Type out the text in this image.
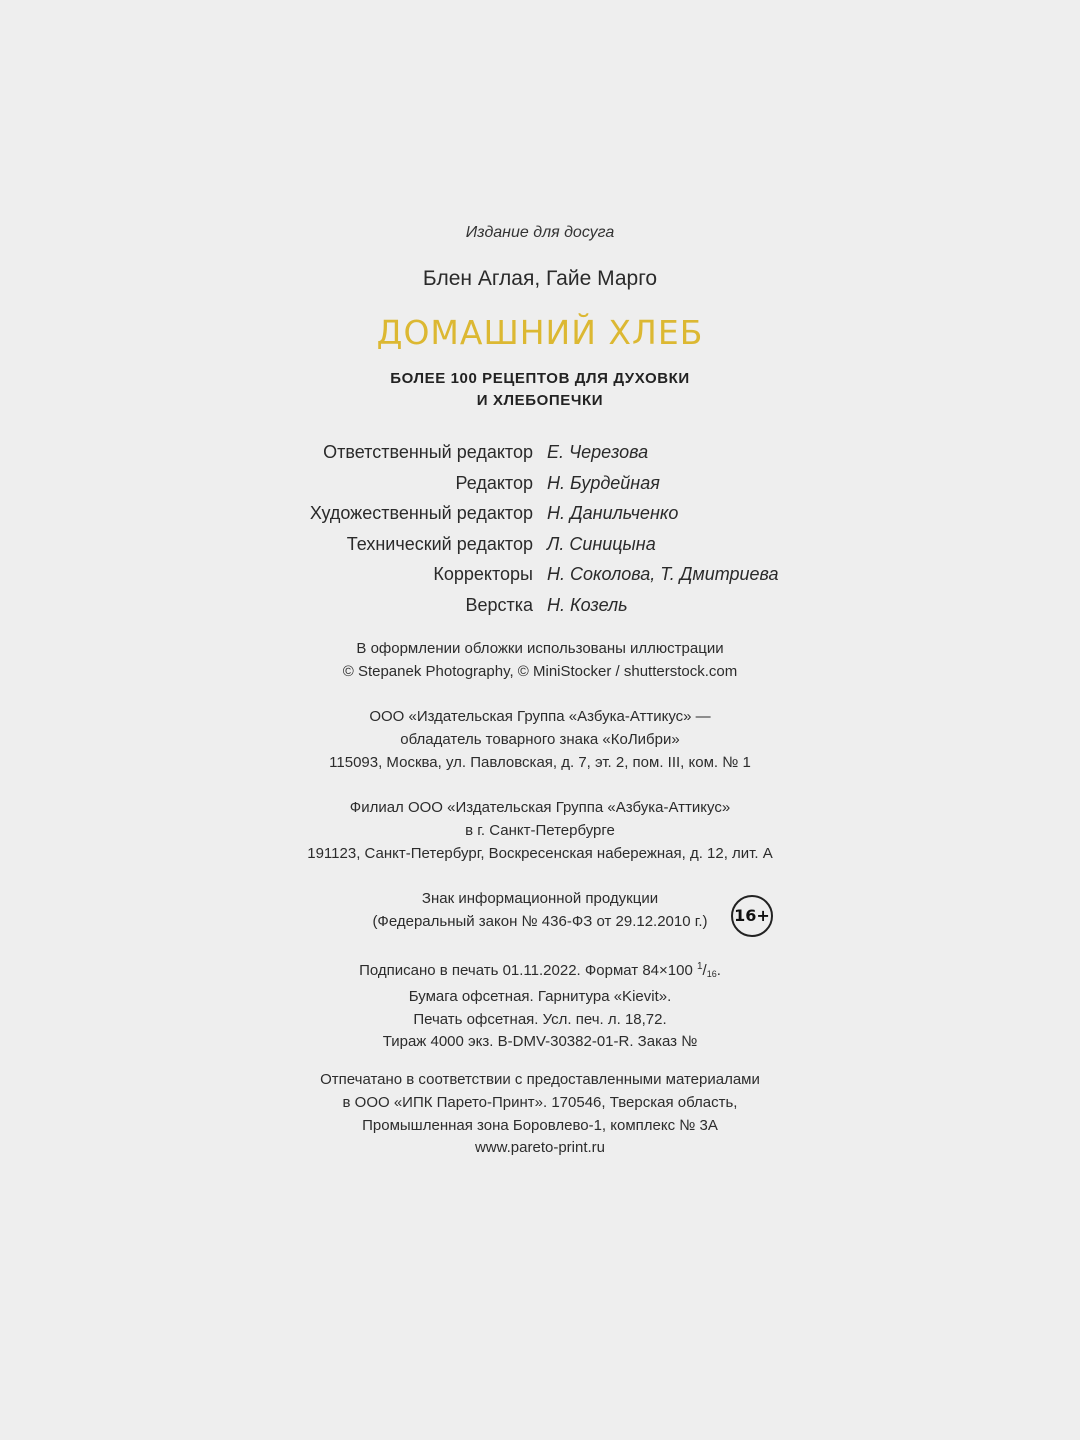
Издание для досуга
Блен Аглая, Гайе Марго
ДОМАШНИЙ ХЛЕБ
БОЛЕЕ 100 РЕЦЕПТОВ ДЛЯ ДУХОВКИ
И ХЛЕБОПЕЧКИ
Ответственный редактор Е. Черезова
Редактор Н. Бурдейная
Художественный редактор Н. Данильченко
Технический редактор Л. Синицына
Корректоры Н. Соколова, Т. Дмитриева
Верстка Н. Козель
В оформлении обложки использованы иллюстрации
© Stepanek Photography, © MiniStocker / shutterstock.com
ООО «Издательская Группа «Азбука-Аттикус» —
обладатель товарного знака «КоЛибри»
115093, Москва, ул. Павловская, д. 7, эт. 2, пом. III, ком. № 1
Филиал ООО «Издательская Группа «Азбука-Аттикус»
в г. Санкт-Петербурге
191123, Санкт-Петербург, Воскресенская набережная, д. 12, лит. А
Знак информационной продукции
(Федеральный закон № 436-ФЗ от 29.12.2010 г.)	16+
Подписано в печать 01.11.2022. Формат 84×100 $^1$/16.
Бумага офсетная. Гарнитура «Kievit».
Печать офсетная. Усл. печ. л. 18,72.
Тираж 4000 экз. B-DMV-30382-01-R. Заказ №
Отпечатано в соответствии с предоставленными материалами
в ООО «ИПК Парето-Принт». 170546, Тверская область,
Промышленная зона Боровлево-1, комплекс № 3А
www.pareto-print.ru
